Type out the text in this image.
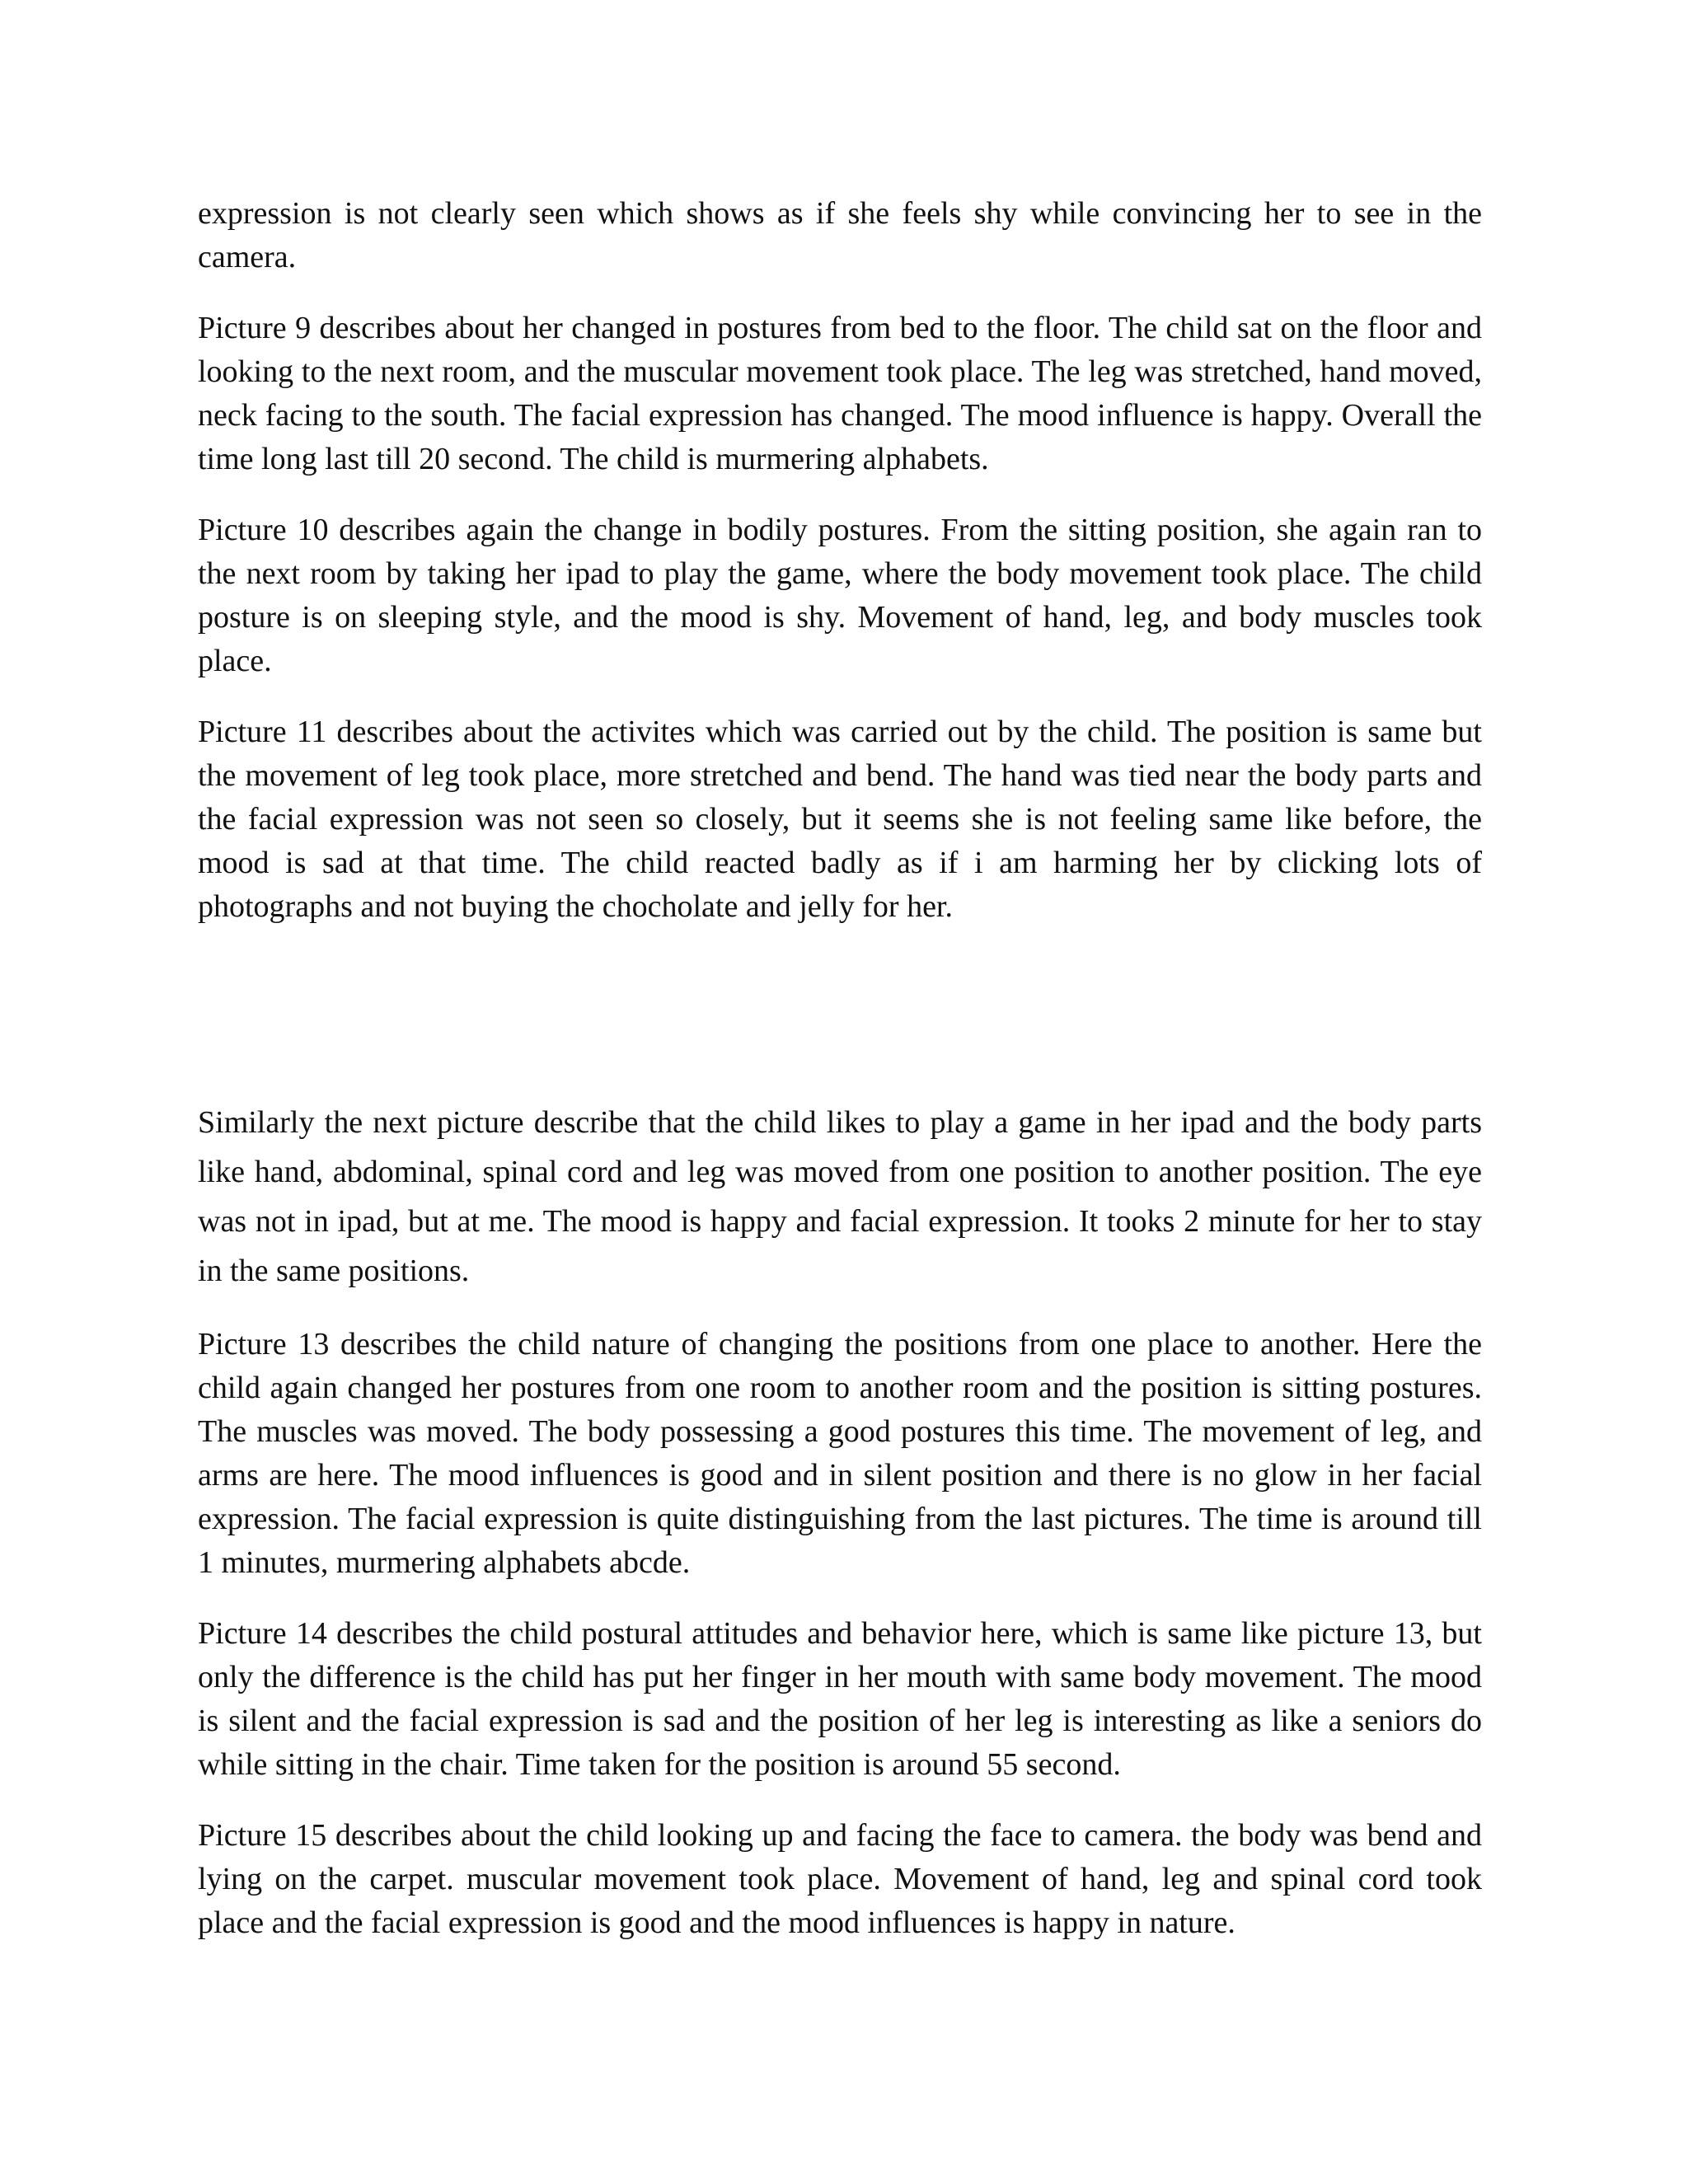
expression is not clearly seen which shows as if she feels shy while convincing her to see in the camera.

Picture 9 describes about her changed in postures from bed to the floor. The child sat on the floor and looking to the next room, and the muscular movement took place. The leg was stretched, hand moved, neck facing to the south. The facial expression has changed. The mood influence is happy. Overall the time long last till 20 second. The child is murmering alphabets.

Picture 10 describes again the change in bodily postures. From the sitting position, she again ran to the next room by taking her ipad to play the game, where the body movement took place. The child posture is on sleeping style, and the mood is shy. Movement of hand, leg, and body muscles took place.

Picture 11 describes about the activites which was carried out by the child. The position is same but the movement of leg took place, more stretched and bend. The hand was tied near the body parts and the facial expression was not seen so closely, but it seems she is not feeling same like before, the mood is sad at that time. The child reacted badly as if i am harming her by clicking lots of photographs and not buying the chocholate and jelly for her.

Similarly the next picture describe that the child likes to play a game in her ipad and the body parts like hand, abdominal, spinal cord and leg was moved from one position to another position. The eye was not in ipad, but at me. The mood is happy and facial expression. It tooks 2 minute for her to stay in the same positions.

Picture 13 describes the child nature of changing the positions from one place to another. Here the child again changed her postures from one room to another room and the position is sitting postures. The muscles was moved. The body possessing a good postures this time. The movement of leg, and arms are here. The mood influences is good and in silent position and there is no glow in her facial expression. The facial expression is quite distinguishing from the last pictures. The time is around till 1 minutes, murmering alphabets abcde.

Picture 14 describes the child postural attitudes and behavior here, which is same like picture 13, but only the difference is the child has put her finger in her mouth with same body movement. The mood is silent and the facial expression is sad and the position of her leg is interesting as like a seniors do while sitting in the chair. Time taken for the position is around 55 second.

Picture 15 describes about the child looking up and facing the face to camera. the body was bend and lying on the carpet. muscular movement took place. Movement of hand, leg and spinal cord took place and the facial expression is good and the mood influences is happy in nature.
